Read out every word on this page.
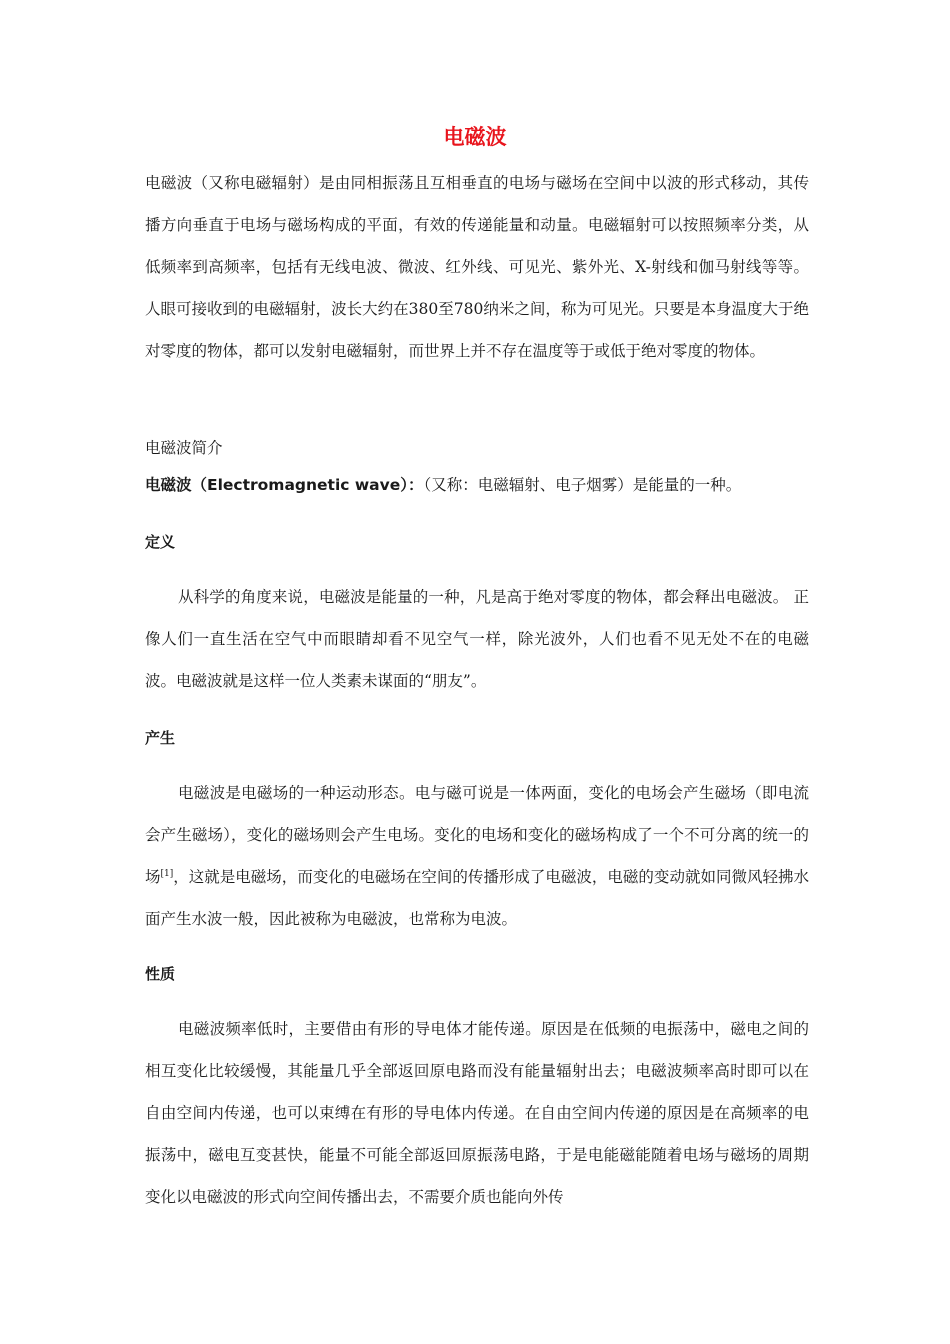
电磁波

电磁波（又称电磁辐射）是由同相振荡且互相垂直的电场与磁场在空间中以波的形式移动，其传播方向垂直于电场与磁场构成的平面，有效的传递能量和动量。电磁辐射可以按照频率分类，从低频率到高频率，包括有无线电波、微波、红外线、可见光、紫外光、X-射线和伽马射线等等。人眼可接收到的电磁辐射，波长大约在380至780纳米之间，称为可见光。只要是本身温度大于绝对零度的物体，都可以发射电磁辐射，而世界上并不存在温度等于或低于绝对零度的物体。

电磁波简介

电磁波（Electromagnetic wave）：（又称：电磁辐射、电子烟雾）是能量的一种。

定义

从科学的角度来说，电磁波是能量的一种，凡是高于绝对零度的物体，都会释出电磁波。 正像人们一直生活在空气中而眼睛却看不见空气一样，除光波外，人们也看不见无处不在的电磁波。电磁波就是这样一位人类素未谋面的“朋友”。

产生

电磁波是电磁场的一种运动形态。电与磁可说是一体两面，变化的电场会产生磁场（即电流会产生磁场），变化的磁场则会产生电场。变化的电场和变化的磁场构成了一个不可分离的统一的场[1]，这就是电磁场，而变化的电磁场在空间的传播形成了电磁波，电磁的变动就如同微风轻拂水面产生水波一般，因此被称为电磁波，也常称为电波。

性质

电磁波频率低时，主要借由有形的导电体才能传递。原因是在低频的电振荡中，磁电之间的相互变化比较缓慢，其能量几乎全部返回原电路而没有能量辐射出去；电磁波频率高时即可以在自由空间内传递，也可以束缚在有形的导电体内传递。在自由空间内传递的原因是在高频率的电振荡中，磁电互变甚快，能量不可能全部返回原振荡电路，于是电能磁能随着电场与磁场的周期变化以电磁波的形式向空间传播出去，不需要介质也能向外传
